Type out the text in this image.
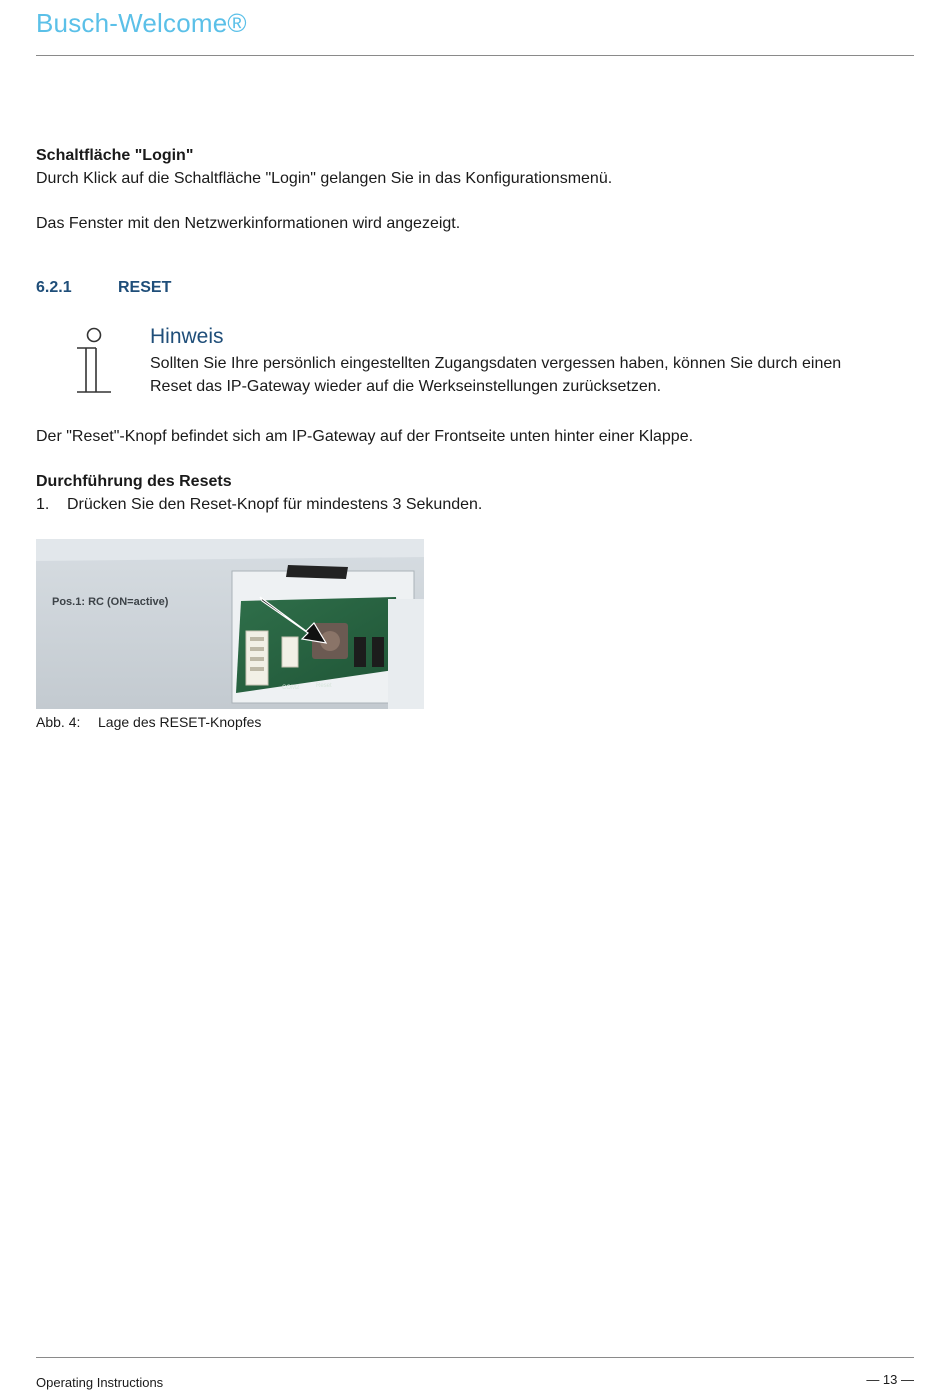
Busch-Welcome®
Schaltfläche "Login"
Durch Klick auf die Schaltfläche "Login" gelangen Sie in das Konfigurationsmenü.
Das Fenster mit den Netzwerkinformationen wird angezeigt.
6.2.1	RESET
Hinweis
Sollten Sie Ihre persönlich eingestellten Zugangsdaten vergessen haben, können Sie durch einen
Reset das IP-Gateway wieder auf die Werkseinstellungen zurücksetzen.
Der "Reset"-Knopf befindet sich am IP-Gateway auf der Frontseite unten hinter einer Klappe.
Durchführung des Resets
1. Drücken Sie den Reset-Knopf für mindestens 3 Sekunden.
Pos.1: RC (ON=active)
COM2	Reset
Abb. 4: Lage des RESET-Knopfes
Operating Instructions	— 13 —
